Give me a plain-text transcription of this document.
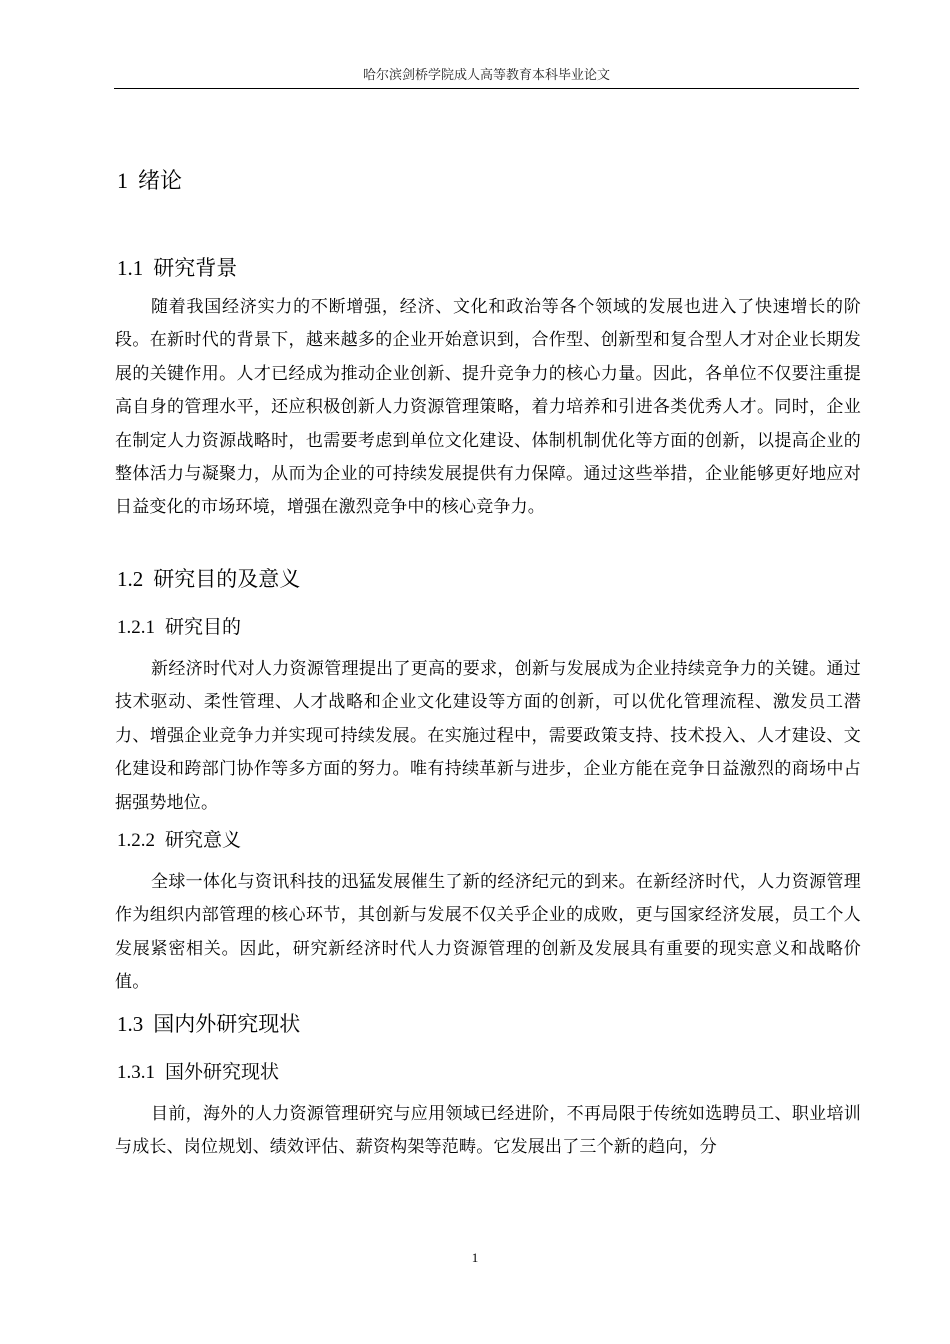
哈尔滨剑桥学院成人高等教育本科毕业论文
1 绪论
1.1 研究背景
随着我国经济实力的不断增强，经济、文化和政治等各个领域的发展也进入了快速增长的阶段。在新时代的背景下，越来越多的企业开始意识到，合作型、创新型和复合型人才对企业长期发展的关键作用。人才已经成为推动企业创新、提升竞争力的核心力量。因此，各单位不仅要注重提高自身的管理水平，还应积极创新人力资源管理策略，着力培养和引进各类优秀人才。同时，企业在制定人力资源战略时，也需要考虑到单位文化建设、体制机制优化等方面的创新，以提高企业的整体活力与凝聚力，从而为企业的可持续发展提供有力保障。通过这些举措，企业能够更好地应对日益变化的市场环境，增强在激烈竞争中的核心竞争力。
1.2 研究目的及意义
1.2.1 研究目的
新经济时代对人力资源管理提出了更高的要求，创新与发展成为企业持续竞争力的关键。通过技术驱动、柔性管理、人才战略和企业文化建设等方面的创新，可以优化管理流程、激发员工潜力、增强企业竞争力并实现可持续发展。在实施过程中，需要政策支持、技术投入、人才建设、文化建设和跨部门协作等多方面的努力。唯有持续革新与进步，企业方能在竞争日益激烈的商场中占据强势地位。
1.2.2 研究意义
全球一体化与资讯科技的迅猛发展催生了新的经济纪元的到来。在新经济时代，人力资源管理作为组织内部管理的核心环节，其创新与发展不仅关乎企业的成败，更与国家经济发展，员工个人发展紧密相关。因此，研究新经济时代人力资源管理的创新及发展具有重要的现实意义和战略价值。
1.3 国内外研究现状
1.3.1 国外研究现状
目前，海外的人力资源管理研究与应用领域已经进阶，不再局限于传统如选聘员工、职业培训与成长、岗位规划、绩效评估、薪资构架等范畴。它发展出了三个新的趋向，分
1
